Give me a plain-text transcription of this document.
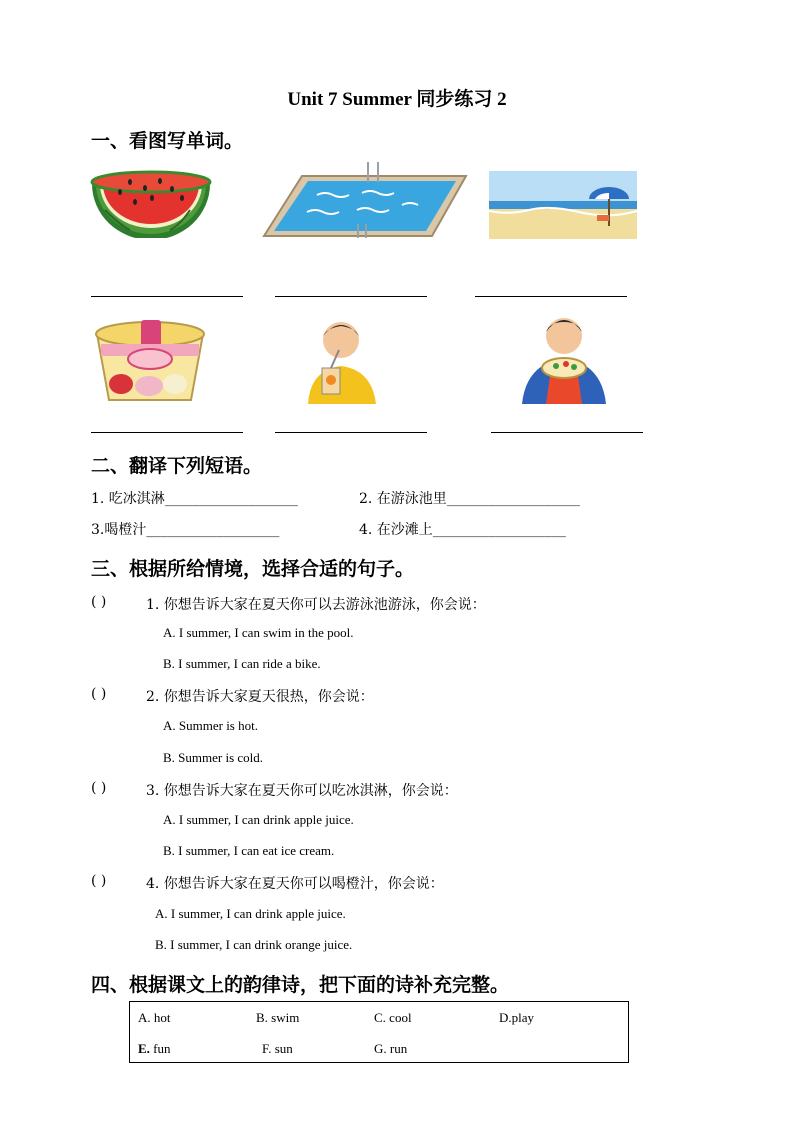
Unit 7 Summer 同步练习 2
一、看图写单词。
二、翻译下列短语。
1. 吃冰淇淋___________________	2. 在游泳池里___________________
3.喝橙汁___________________	4. 在沙滩上___________________
三、根据所给情境，选择合适的句子。
( )	1. 你想告诉大家在夏天你可以去游泳池游泳，你会说：
A. I summer, I can swim in the pool.
B. I summer, I can ride a bike.
( )	2. 你想告诉大家夏天很热，你会说：
A. Summer is hot.
B. Summer is cold.
( )	3. 你想告诉大家在夏天你可以吃冰淇淋，你会说：
A. I summer, I can drink apple juice.
B. I summer, I can eat ice cream.
( )	4. 你想告诉大家在夏天你可以喝橙汁，你会说：
A. I summer, I can drink apple juice.
B. I summer, I can drink orange juice.
四、根据课文上的韵律诗，把下面的诗补充完整。
A. hot	B. swim	C. cool	D.play
E. fun	F. sun	G. run
